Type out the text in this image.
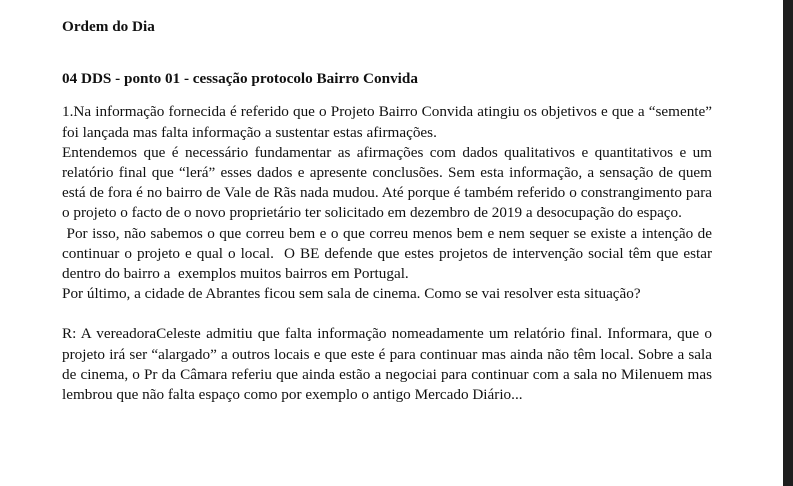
Ordem do Dia

04 DDS - ponto 01 - cessação protocolo Bairro Convida

1.Na informação fornecida é referido que o Projeto Bairro Convida atingiu os objetivos e que a “semente” foi lançada mas falta informação a sustentar estas afirmações.

Entendemos que é necessário fundamentar as afirmações com dados qualitativos e quantitativos e um relatório final que “lerá” esses dados e apresente conclusões. Sem esta informação, a sensação de quem está de fora é no bairro de Vale de Rãs nada mudou. Até porque é também referido o constrangimento para o projeto o facto de o novo proprietário ter solicitado em dezembro de 2019 a desocupação do espaço.

Por isso, não sabemos o que correu bem e o que correu menos bem e nem sequer se existe a intenção de continuar o projeto e qual o local.  O BE defende que estes projetos de intervenção social têm que estar dentro do bairro a  exemplos muitos bairros em Portugal.

Por último, a cidade de Abrantes ficou sem sala de cinema. Como se vai resolver esta situação?

R: A vereadoraCeleste admitiu que falta informação nomeadamente um relatório final. Informara, que o projeto irá ser “alargado” a outros locais e que este é para continuar mas ainda não têm local. Sobre a sala de cinema, o Pr da Câmara referiu que ainda estão a negociai para continuar com a sala no Milenuem mas lembrou que não falta espaço como por exemplo o antigo Mercado Diário...
